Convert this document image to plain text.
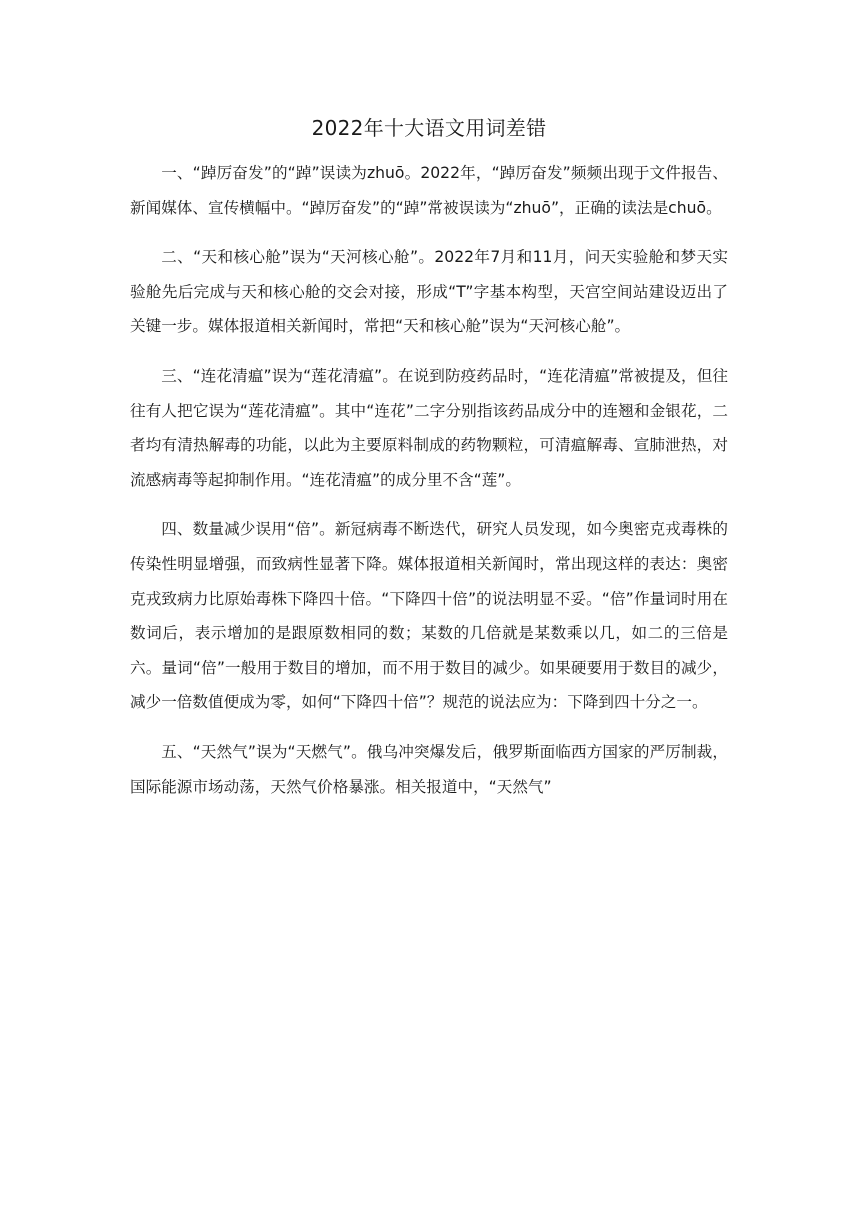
2022年十大语文用词差错

一、“踔厉奋发”的“踔”误读为zhuō。2022年，“踔厉奋发”频频出现于文件报告、新闻媒体、宣传横幅中。“踔厉奋发”的“踔”常被误读为“zhuō”，正确的读法是chuō。

二、“天和核心舱”误为“天河核心舱”。2022年7月和11月，问天实验舱和梦天实验舱先后完成与天和核心舱的交会对接，形成“T”字基本构型，天宫空间站建设迈出了关键一步。媒体报道相关新闻时，常把“天和核心舱”误为“天河核心舱”。

三、“连花清瘟”误为“莲花清瘟”。在说到防疫药品时，“连花清瘟”常被提及，但往往有人把它误为“莲花清瘟”。其中“连花”二字分别指该药品成分中的连翘和金银花，二者均有清热解毒的功能，以此为主要原料制成的药物颗粒，可清瘟解毒、宣肺泄热，对流感病毒等起抑制作用。“连花清瘟”的成分里不含“莲”。

四、数量减少误用“倍”。新冠病毒不断迭代，研究人员发现，如今奥密克戎毒株的传染性明显增强，而致病性显著下降。媒体报道相关新闻时，常出现这样的表达：奥密克戎致病力比原始毒株下降四十倍。“下降四十倍”的说法明显不妥。“倍”作量词时用在数词后，表示增加的是跟原数相同的数；某数的几倍就是某数乘以几，如二的三倍是六。量词“倍”一般用于数目的增加，而不用于数目的减少。如果硬要用于数目的减少，减少一倍数值便成为零，如何“下降四十倍”？规范的说法应为：下降到四十分之一。

五、“天然气”误为“天燃气”。俄乌冲突爆发后，俄罗斯面临西方国家的严厉制裁，国际能源市场动荡，天然气价格暴涨。相关报道中，“天然气”
